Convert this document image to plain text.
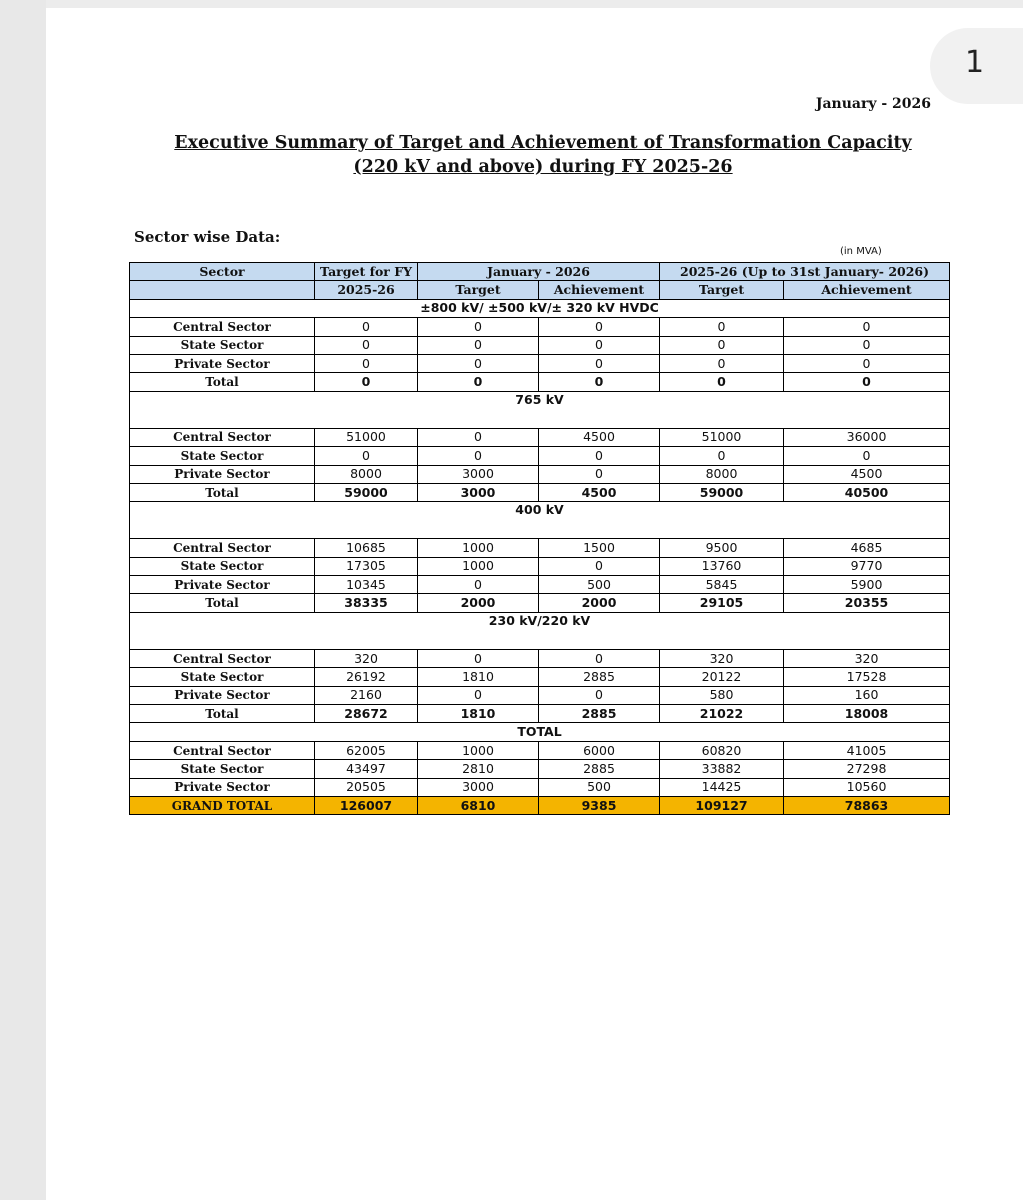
1
January - 2026
Executive Summary of Target and Achievement of Transformation Capacity
(220 kV and above) during FY 2025-26
Sector wise Data:
(in MVA)
Sector	Target for FY	January - 2026		2025-26 (Up to 31st January- 2026)	
	2025-26	Target	Achievement	Target	Achievement
±800 kV/ ±500 kV/± 320 kV HVDC					
Central Sector	0	0	0	0	0
State Sector	0	0	0	0	0
Private Sector	0	0	0	0	0
Total	0	0	0	0	0

765 kV					

Central Sector	51000	0	4500	51000	36000
State Sector	0	0	0	0	0
Private Sector	8000	3000	0	8000	4500
Total	59000	3000	4500	59000	40500

400 kV					

Central Sector	10685	1000	1500	9500	4685
State Sector	17305	1000	0	13760	9770
Private Sector	10345	0	500	5845	5900
Total	38335	2000	2000	29105	20355

230 kV/220 kV					

Central Sector	320	0	0	320	320
State Sector	26192	1810	2885	20122	17528
Private Sector	2160	0	0	580	160
Total	28672	1810	2885	21022	18008
TOTAL					
Central Sector	62005	1000	6000	60820	41005
State Sector	43497	2810	2885	33882	27298
Private Sector	20505	3000	500	14425	10560
GRAND TOTAL	126007	6810	9385	109127	78863
